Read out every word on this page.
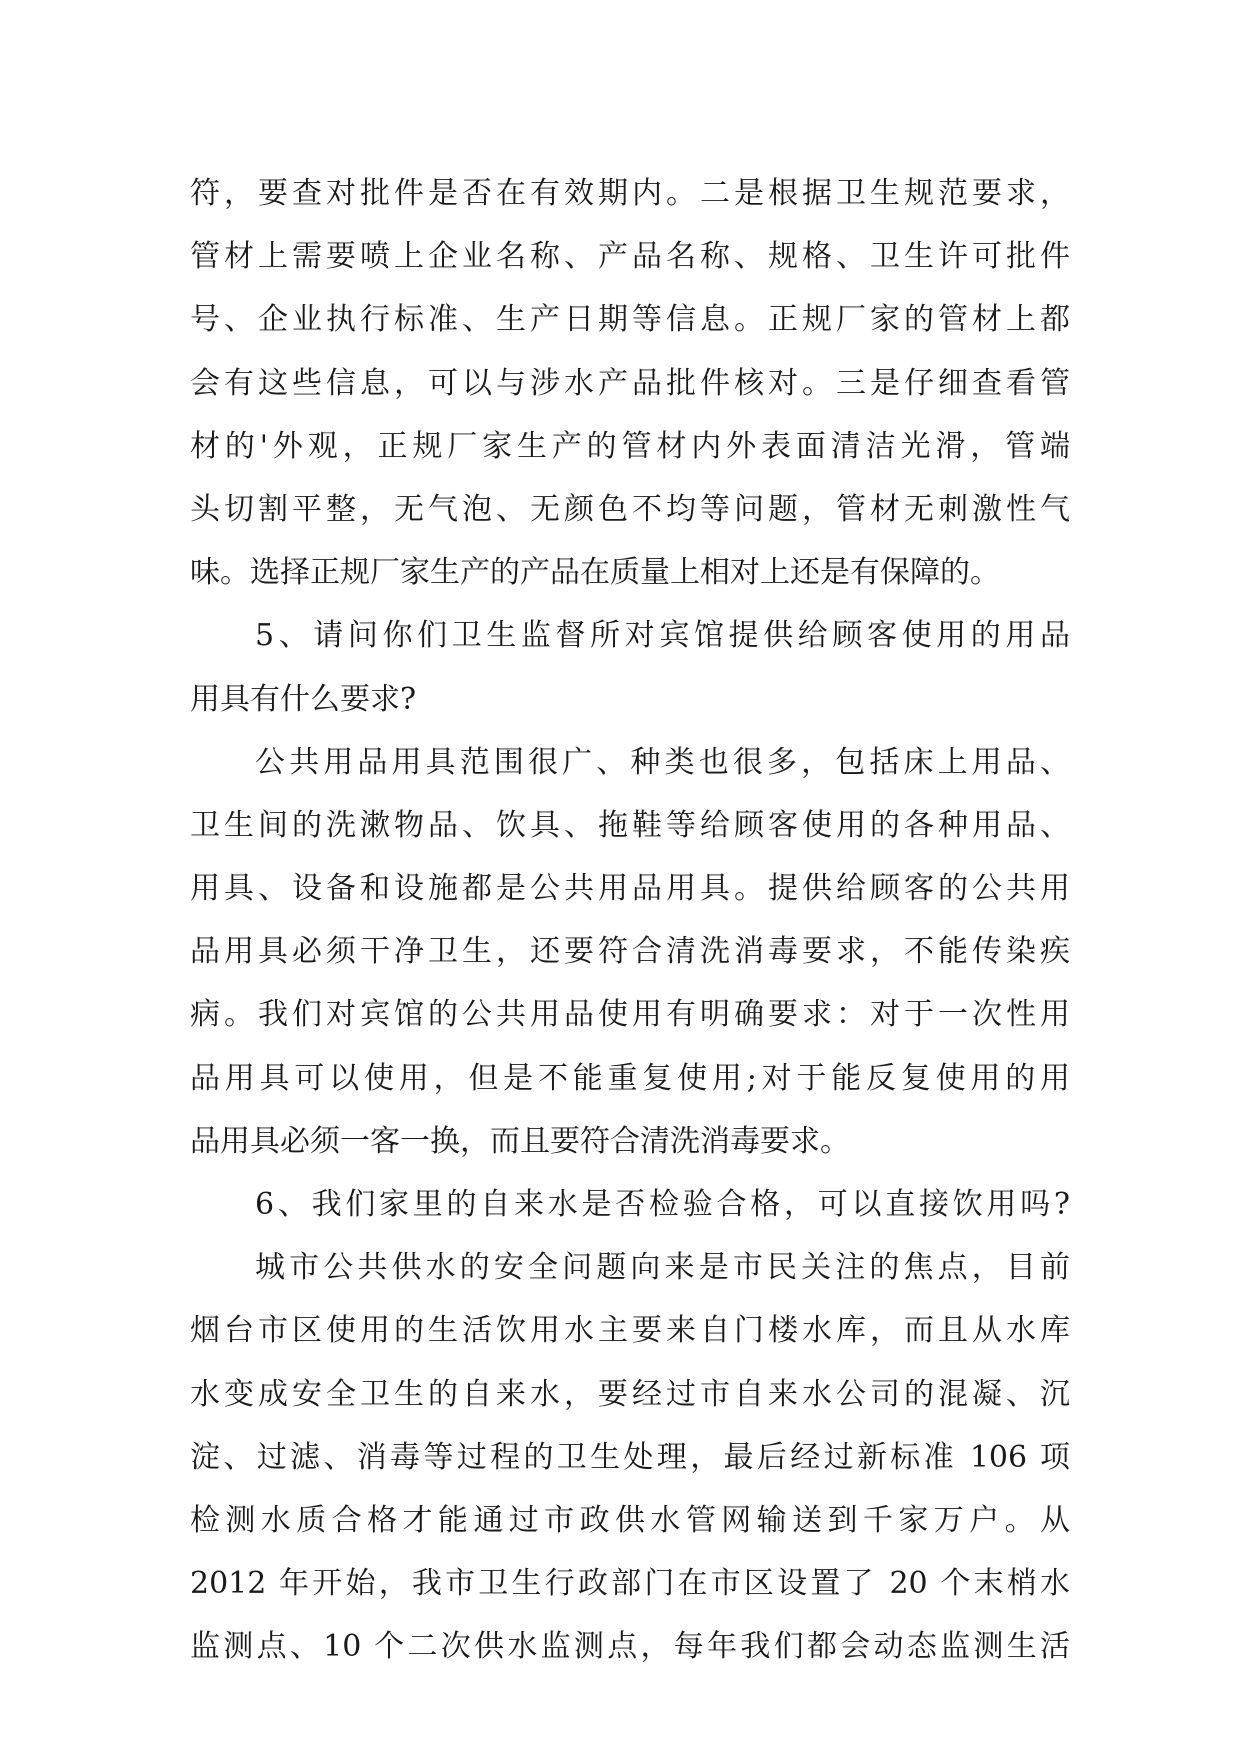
符，要查对批件是否在有效期内。二是根据卫生规范要求，
管材上需要喷上企业名称、产品名称、规格、卫生许可批件
号、企业执行标准、生产日期等信息。正规厂家的管材上都
会有这些信息，可以与涉水产品批件核对。三是仔细查看管
材的'外观，正规厂家生产的管材内外表面清洁光滑，管端
头切割平整，无气泡、无颜色不均等问题，管材无刺激性气
味。选择正规厂家生产的产品在质量上相对上还是有保障的。
5、请问你们卫生监督所对宾馆提供给顾客使用的用品
用具有什么要求?
公共用品用具范围很广、种类也很多，包括床上用品、
卫生间的洗漱物品、饮具、拖鞋等给顾客使用的各种用品、
用具、设备和设施都是公共用品用具。提供给顾客的公共用
品用具必须干净卫生，还要符合清洗消毒要求，不能传染疾
病。我们对宾馆的公共用品使用有明确要求：对于一次性用
品用具可以使用，但是不能重复使用;对于能反复使用的用
品用具必须一客一换，而且要符合清洗消毒要求。
6、我们家里的自来水是否检验合格，可以直接饮用吗?
城市公共供水的安全问题向来是市民关注的焦点，目前
烟台市区使用的生活饮用水主要来自门楼水库，而且从水库
水变成安全卫生的自来水，要经过市自来水公司的混凝、沉
淀、过滤、消毒等过程的卫生处理，最后经过新标准 106 项
检测水质合格才能通过市政供水管网输送到千家万户。从
2012 年开始，我市卫生行政部门在市区设置了 20 个末梢水
监测点、10 个二次供水监测点，每年我们都会动态监测生活
